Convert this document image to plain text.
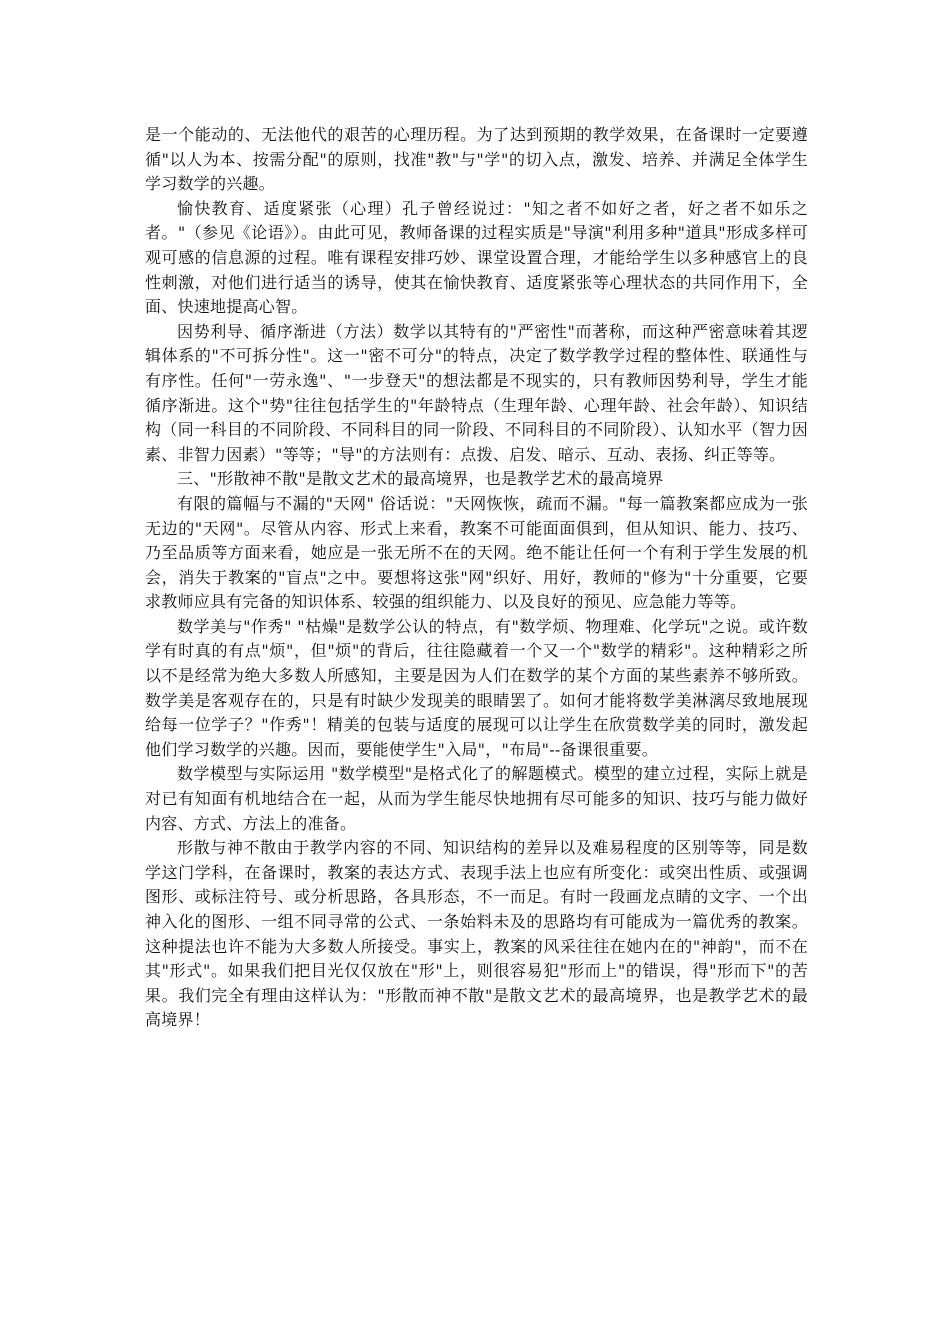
是一个能动的、无法他代的艰苦的心理历程。为了达到预期的教学效果，在备课时一定要遵循"以人为本、按需分配"的原则，找准"教"与"学"的切入点，激发、培养、并满足全体学生学习数学的兴趣。

愉快教育、适度紧张（心理）孔子曾经说过："知之者不如好之者，好之者不如乐之者。"（参见《论语》）。由此可见，教师备课的过程实质是"导演"利用多种"道具"形成多样可观可感的信息源的过程。唯有课程安排巧妙、课堂设置合理，才能给学生以多种感官上的良性刺激，对他们进行适当的诱导，使其在愉快教育、适度紧张等心理状态的共同作用下，全面、快速地提高心智。

因势利导、循序渐进（方法）数学以其特有的"严密性"而著称，而这种严密意味着其逻辑体系的"不可拆分性"。这一"密不可分"的特点，决定了数学教学过程的整体性、联通性与有序性。任何"一劳永逸"、"一步登天"的想法都是不现实的，只有教师因势利导，学生才能循序渐进。这个"势"往往包括学生的"年龄特点（生理年龄、心理年龄、社会年龄）、知识结构（同一科目的不同阶段、不同科目的同一阶段、不同科目的不同阶段）、认知水平（智力因素、非智力因素）"等等；"导"的方法则有：点拨、启发、暗示、互动、表扬、纠正等等。

三、"形散神不散"是散文艺术的最高境界，也是教学艺术的最高境界

有限的篇幅与不漏的"天网" 俗话说："天网恢恢，疏而不漏。"每一篇教案都应成为一张无边的"天网"。尽管从内容、形式上来看，教案不可能面面俱到，但从知识、能力、技巧、乃至品质等方面来看，她应是一张无所不在的天网。绝不能让任何一个有利于学生发展的机会，消失于教案的"盲点"之中。要想将这张"网"织好、用好，教师的"修为"十分重要，它要求教师应具有完备的知识体系、较强的组织能力、以及良好的预见、应急能力等等。

数学美与"作秀" "枯燥"是数学公认的特点，有"数学烦、物理难、化学玩"之说。或许数学有时真的有点"烦"，但"烦"的背后，往往隐藏着一个又一个"数学的精彩"。这种精彩之所以不是经常为绝大多数人所感知，主要是因为人们在数学的某个方面的某些素养不够所致。数学美是客观存在的，只是有时缺少发现美的眼睛罢了。如何才能将数学美淋漓尽致地展现给每一位学子？"作秀"！精美的包装与适度的展现可以让学生在欣赏数学美的同时，激发起他们学习数学的兴趣。因而，要能使学生"入局"，"布局"--备课很重要。

数学模型与实际运用 "数学模型"是格式化了的解题模式。模型的建立过程，实际上就是对已有知面有机地结合在一起，从而为学生能尽快地拥有尽可能多的知识、技巧与能力做好内容、方式、方法上的准备。

形散与神不散由于教学内容的不同、知识结构的差异以及难易程度的区别等等，同是数学这门学科，在备课时，教案的表达方式、表现手法上也应有所变化：或突出性质、或强调图形、或标注符号、或分析思路，各具形态，不一而足。有时一段画龙点睛的文字、一个出神入化的图形、一组不同寻常的公式、一条始料未及的思路均有可能成为一篇优秀的教案。这种提法也许不能为大多数人所接受。事实上，教案的风采往往在她内在的"神韵"，而不在其"形式"。如果我们把目光仅仅放在"形"上，则很容易犯"形而上"的错误，得"形而下"的苦果。我们完全有理由这样认为："形散而神不散"是散文艺术的最高境界，也是教学艺术的最高境界！
